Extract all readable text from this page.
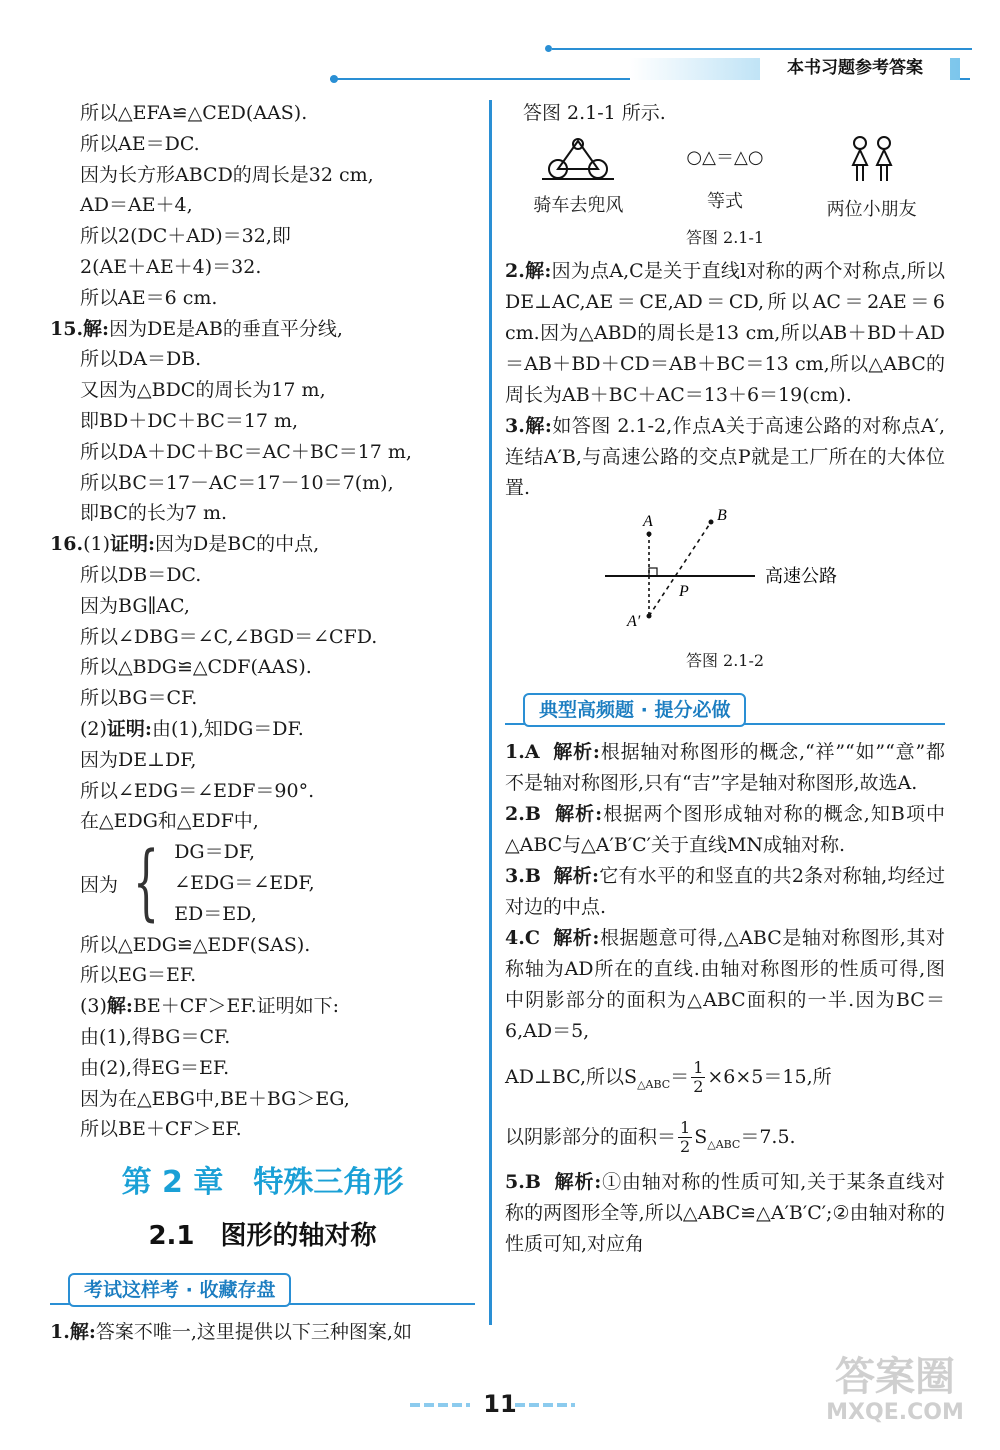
本书习题参考答案
所以△EFA≌△CED(AAS).
所以AE＝DC.
因为长方形ABCD的周长是32 cm,
AD＝AE＋4,
所以2(DC＋AD)＝32,即
2(AE＋AE＋4)＝32.
所以AE＝6 cm.
15.解:因为DE是AB的垂直平分线,
所以DA＝DB.
又因为△BDC的周长为17 m,
即BD＋DC＋BC＝17 m,
所以DA＋DC＋BC＝AC＋BC＝17 m,
所以BC＝17－AC＝17－10＝7(m),
即BC的长为7 m.
16.(1)证明:因为D是BC的中点,
所以DB＝DC.
因为BG∥AC,
所以∠DBG＝∠C,∠BGD＝∠CFD.
所以△BDG≌△CDF(AAS).
所以BG＝CF.
(2)证明:由(1),知DG＝DF.
因为DE⊥DF,
所以∠EDG＝∠EDF＝90°.
在△EDG和△EDF中,
因为 { DG＝DF,
∠EDG＝∠EDF,
ED＝ED,
所以△EDG≌△EDF(SAS).
所以EG＝EF.
(3)解:BE＋CF＞EF.证明如下:
由(1),得BG＝CF.
由(2),得EG＝EF.
因为在△EBG中,BE＋BG＞EG,
所以BE＋CF＞EF.
第 2 章　特殊三角形
2.1　图形的轴对称
考试这样考 · 收藏存盘
1.解:答案不唯一,这里提供以下三种图案,如
答图 2.1-1 所示.
骑车去兜风
○△＝△○
等式	两位小朋友
答图 2.1-1
2.解:因为点A,C是关于直线l对称的两个对称点,所以DE⊥AC,AE＝CE,AD＝CD,所以AC＝2AE＝6 cm.因为△ABD的周长是13 cm,所以AB＋BD＋AD＝AB＋BD＋CD＝AB＋BC＝13 cm,所以△ABC的周长为AB＋BC＋AC＝13＋6＝19(cm).
3.解:如答图 2.1-2,作点A关于高速公路的对称点A′,连结A′B,与高速公路的交点P就是工厂所在的大体位置.
A	B
P
A′
高速公路
答图 2.1-2
典型高频题 · 提分必做
1.A 解析:根据轴对称图形的概念,“祥”“如”“意”都不是轴对称图形,只有“吉”字是轴对称图形,故选A.
2.B 解析:根据两个图形成轴对称的概念,知B项中△ABC与△A′B′C′关于直线MN成轴对称.
3.B 解析:它有水平的和竖直的共2条对称轴,均经过对边的中点.
4.C 解析:根据题意可得,△ABC是轴对称图形,其对称轴为AD所在的直线.由轴对称图形的性质可得,图中阴影部分的面积为△ABC面积的一半.因为BC＝6,AD＝5,
AD⊥BC,所以$S_{\triangle ABC}= \frac{1}{2} \times 6\times 5=15$,所
以阴影部分的面积＝ $\frac{1}{2} S_{\triangle ABC}=7.5$.
5.B 解析:①由轴对称的性质可知,关于某条直线对称的两图形全等,所以△ABC≌△A′B′C′;②由轴对称的性质可知,对应角
11
答案圈
MXQE.COM
